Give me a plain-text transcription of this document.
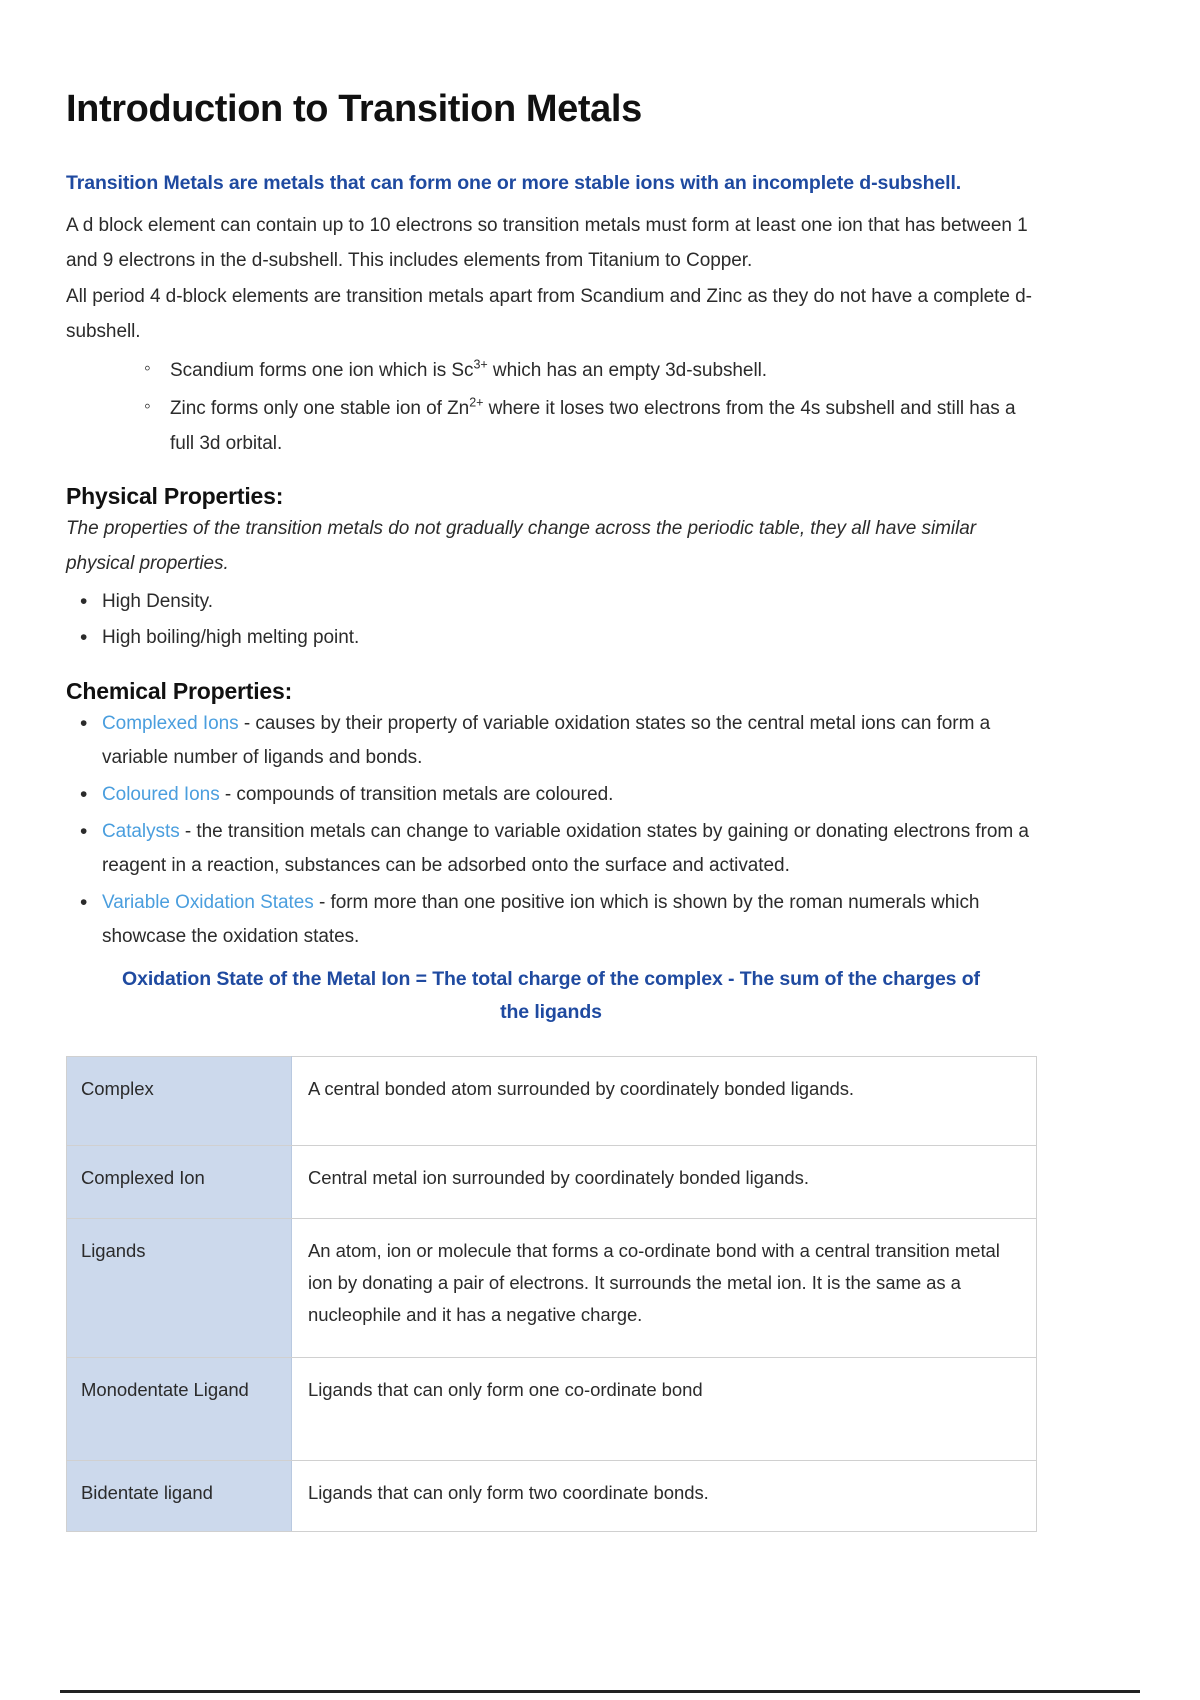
Introduction to Transition Metals

Transition Metals are metals that can form one or more stable ions with an incomplete d-subshell.

A d block element can contain up to 10 electrons so transition metals must form at least one ion that has between 1 and 9 electrons in the d-subshell. This includes elements from Titanium to Copper.

All period 4 d-block elements are transition metals apart from Scandium and Zinc as they do not have a complete d-subshell.

◦ Scandium forms one ion which is $Sc^{3+}$ which has an empty 3d-subshell.
◦ Zinc forms only one stable ion of $Zn^{2+}$ where it loses two electrons from the 4s subshell and still has a full 3d orbital.
Physical Properties:

The properties of the transition metals do not gradually change across the periodic table, they all have similar physical properties.

• High Density.
• High boiling/high melting point.
Chemical Properties:
• Complexed Ions - causes by their property of variable oxidation states so the central metal ions can form a variable number of ligands and bonds.
• Coloured Ions - compounds of transition metals are coloured.
• Catalysts - the transition metals can change to variable oxidation states by gaining or donating electrons from a reagent in a reaction, substances can be adsorbed onto the surface and activated.
• Variable Oxidation States - form more than one positive ion which is shown by the roman numerals which showcase the oxidation states.

Oxidation State of the Metal Ion = The total charge of the complex - The sum of the charges of the ligands

Complex	A central bonded atom surrounded by coordinately bonded ligands.
Complexed Ion	Central metal ion surrounded by coordinately bonded ligands.
Ligands	An atom, ion or molecule that forms a co-ordinate bond with a central transition metal ion by donating a pair of electrons. It surrounds the metal ion. It is the same as a nucleophile and it has a negative charge.
Monodentate Ligand	Ligands that can only form one co-ordinate bond
Bidentate ligand	Ligands that can only form two coordinate bonds.
